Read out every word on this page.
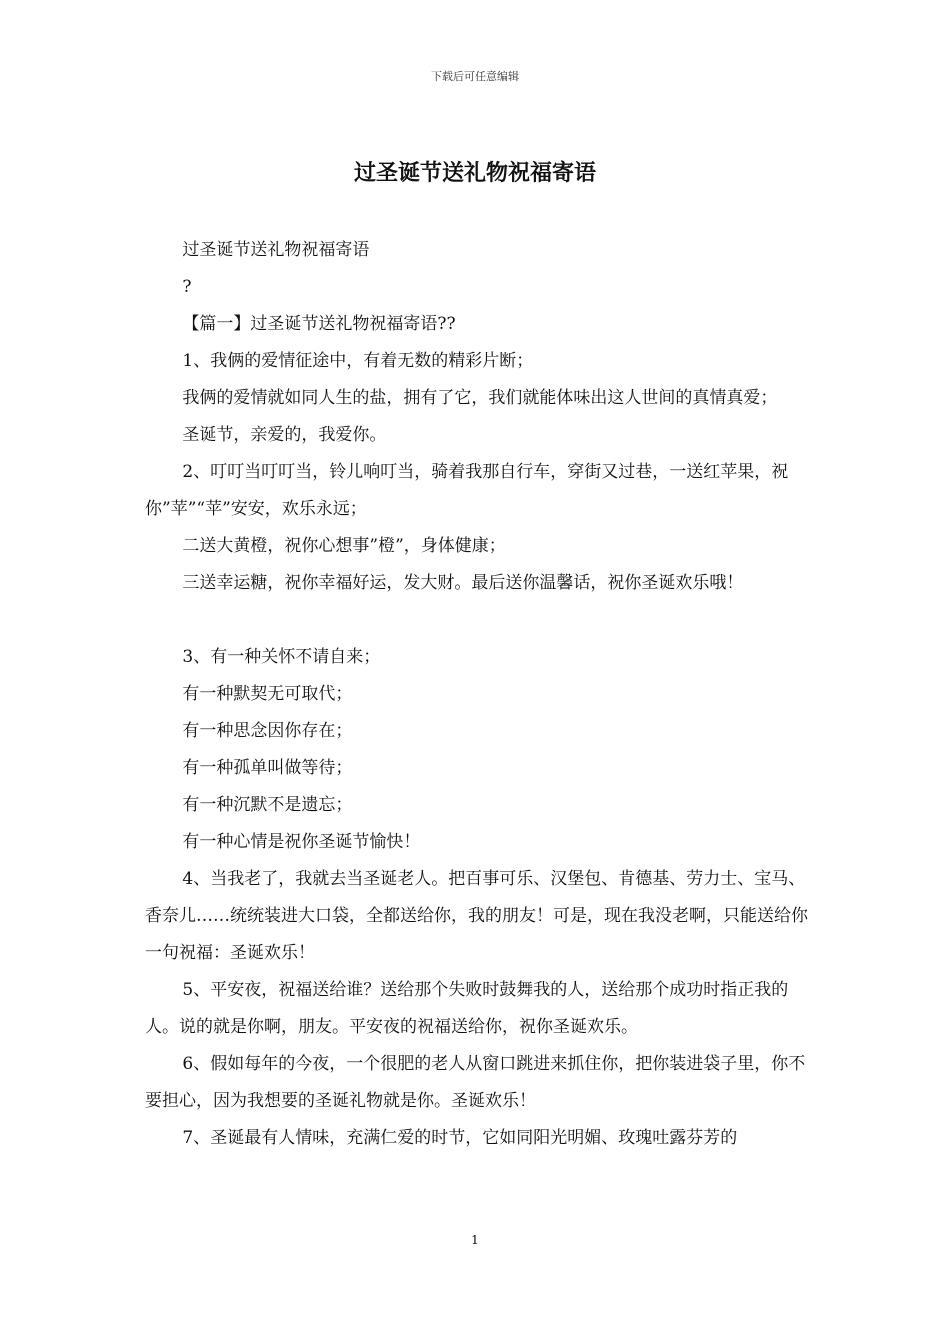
下载后可任意编辑
过圣诞节送礼物祝福寄语

过圣诞节送礼物祝福寄语

?

【篇一】过圣诞节送礼物祝福寄语??

1、我俩的爱情征途中，有着无数的精彩片断；

我俩的爱情就如同人生的盐，拥有了它，我们就能体味出这人世间的真情真爱；

圣诞节，亲爱的，我爱你。

2、叮叮当叮叮当，铃儿响叮当，骑着我那自行车，穿街又过巷，一送红苹果，祝你”苹”“苹”安安，欢乐永远；

二送大黄橙，祝你心想事”橙”，身体健康；

三送幸运糖，祝你幸福好运，发大财。最后送你温馨话，祝你圣诞欢乐哦！

3、有一种关怀不请自来；

有一种默契无可取代；

有一种思念因你存在；

有一种孤单叫做等待；

有一种沉默不是遗忘；

有一种心情是祝你圣诞节愉快！

4、当我老了，我就去当圣诞老人。把百事可乐、汉堡包、肯德基、劳力士、宝马、香奈儿……统统装进大口袋，全都送给你，我的朋友！可是，现在我没老啊，只能送给你一句祝福：圣诞欢乐！

5、平安夜，祝福送给谁？送给那个失败时鼓舞我的人，送给那个成功时指正我的人。说的就是你啊，朋友。平安夜的祝福送给你，祝你圣诞欢乐。

6、假如每年的今夜，一个很肥的老人从窗口跳进来抓住你，把你装进袋子里，你不要担心，因为我想要的圣诞礼物就是你。圣诞欢乐！

7、圣诞最有人情味，充满仁爱的时节，它如同阳光明媚、玫瑰吐露芬芳的

1
